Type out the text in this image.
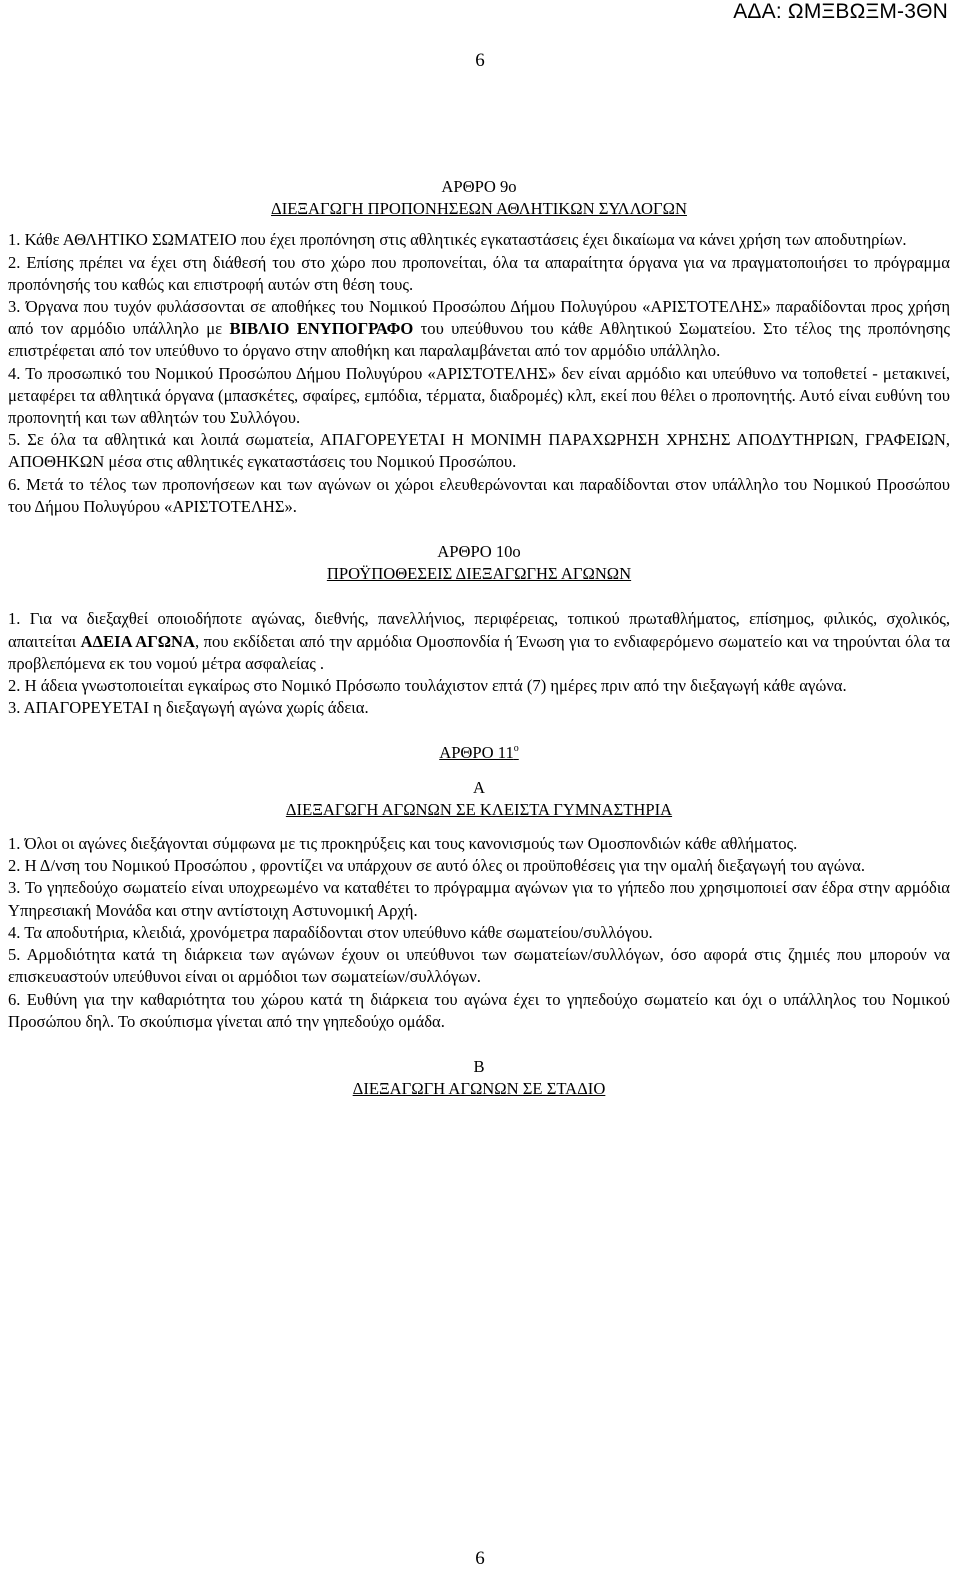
ΑΔΑ: ΩΜΞΒΩΞΜ-3ΘΝ
6

ΑΡΘΡΟ 9ο

ΔΙΕΞΑΓΩΓΗ ΠΡΟΠΟΝΗΣΕΩΝ ΑΘΛΗΤΙΚΩΝ ΣΥΛΛΟΓΩΝ

1. Κάθε ΑΘΛΗΤΙΚΟ ΣΩΜΑΤΕΙΟ που έχει προπόνηση στις αθλητικές εγκαταστάσεις έχει δικαίωμα να κάνει χρήση των αποδυτηρίων.

2. Επίσης πρέπει να έχει στη διάθεσή του στο χώρο που προπονείται, όλα τα απαραίτητα όργανα για να πραγματοποιήσει το πρόγραμμα προπόνησής του καθώς και επιστροφή αυτών στη θέση τους.

3. Όργανα που τυχόν φυλάσσονται σε αποθήκες του Νομικού Προσώπου Δήμου Πολυγύρου «ΑΡΙΣΤΟΤΕΛΗΣ» παραδίδονται προς χρήση από τον αρμόδιο υπάλληλο με ΒΙΒΛΙΟ ΕΝΥΠΟΓΡΑΦΟ του υπεύθυνου του κάθε Αθλητικού Σωματείου. Στο τέλος της προπόνησης επιστρέφεται από τον υπεύθυνο το όργανο στην αποθήκη και παραλαμβάνεται από τον αρμόδιο υπάλληλο.

4. Το προσωπικό του Νομικού Προσώπου Δήμου Πολυγύρου «ΑΡΙΣΤΟΤΕΛΗΣ» δεν είναι αρμόδιο και υπεύθυνο να τοποθετεί - μετακινεί, μεταφέρει τα αθλητικά όργανα (μπασκέτες, σφαίρες, εμπόδια, τέρματα, διαδρομές) κλπ, εκεί που θέλει ο προπονητής. Αυτό είναι ευθύνη του προπονητή και των αθλητών του Συλλόγου.

5. Σε όλα τα αθλητικά και λοιπά σωματεία, ΑΠΑΓΟΡΕΥΕΤΑΙ Η ΜΟΝΙΜΗ ΠΑΡΑΧΩΡΗΣΗ ΧΡΗΣΗΣ ΑΠΟΔΥΤΗΡΙΩΝ, ΓΡΑΦΕΙΩΝ, ΑΠΟΘΗΚΩΝ μέσα στις αθλητικές εγκαταστάσεις του Νομικού Προσώπου.

6. Μετά το τέλος των προπονήσεων και των αγώνων οι χώροι ελευθερώνονται και παραδίδονται στον υπάλληλο του Νομικού Προσώπου του Δήμου Πολυγύρου «ΑΡΙΣΤΟΤΕΛΗΣ».

ΑΡΘΡΟ 10ο

ΠΡΟΫΠΟΘΕΣΕΙΣ ΔΙΕΞΑΓΩΓΗΣ ΑΓΩΝΩΝ

1. Για να διεξαχθεί οποιοδήποτε αγώνας, διεθνής, πανελλήνιος, περιφέρειας, τοπικού πρωταθλήματος, επίσημος, φιλικός, σχολικός, απαιτείται ΑΔΕΙΑ ΑΓΩΝΑ, που εκδίδεται από την αρμόδια Ομοσπονδία ή Ένωση για το ενδιαφερόμενο σωματείο και να τηρούνται όλα τα προβλεπόμενα εκ του νομού μέτρα ασφαλείας .

2. Η άδεια γνωστοποιείται εγκαίρως στο Νομικό Πρόσωπο τουλάχιστον επτά (7) ημέρες πριν από την διεξαγωγή κάθε αγώνα.

3. ΑΠΑΓΟΡΕΥΕΤΑΙ η διεξαγωγή αγώνα χωρίς άδεια.

ΑΡΘΡΟ $11^o$

Α

ΔΙΕΞΑΓΩΓΗ ΑΓΩΝΩΝ ΣΕ ΚΛΕΙΣΤΑ ΓΥΜΝΑΣΤΗΡΙΑ

1. Όλοι οι αγώνες διεξάγονται σύμφωνα με τις προκηρύξεις και τους κανονισμούς των Ομοσπονδιών κάθε αθλήματος.

2. Η Δ/νση του Νομικού Προσώπου , φροντίζει να υπάρχουν σε αυτό όλες οι προϋποθέσεις για την ομαλή διεξαγωγή του αγώνα.

3. Το γηπεδούχο σωματείο είναι υποχρεωμένο να καταθέτει το πρόγραμμα αγώνων για το γήπεδο που χρησιμοποιεί σαν έδρα στην αρμόδια Υπηρεσιακή Μονάδα και στην αντίστοιχη Αστυνομική Αρχή.

4. Τα αποδυτήρια, κλειδιά, χρονόμετρα παραδίδονται στον υπεύθυνο κάθε σωματείου/συλλόγου.

5. Αρμοδιότητα κατά τη διάρκεια των αγώνων έχουν οι υπεύθυνοι των σωματείων/συλλόγων, όσο αφορά στις ζημιές που μπορούν να επισκευαστούν υπεύθυνοι είναι οι αρμόδιοι των σωματείων/συλλόγων.

6. Ευθύνη για την καθαριότητα του χώρου κατά τη διάρκεια του αγώνα έχει το γηπεδούχο σωματείο και όχι ο υπάλληλος του Νομικού Προσώπου δηλ. Το σκούπισμα γίνεται από την γηπεδούχο ομάδα.

Β

ΔΙΕΞΑΓΩΓΗ ΑΓΩΝΩΝ ΣΕ ΣΤΑΔΙΟ

6
